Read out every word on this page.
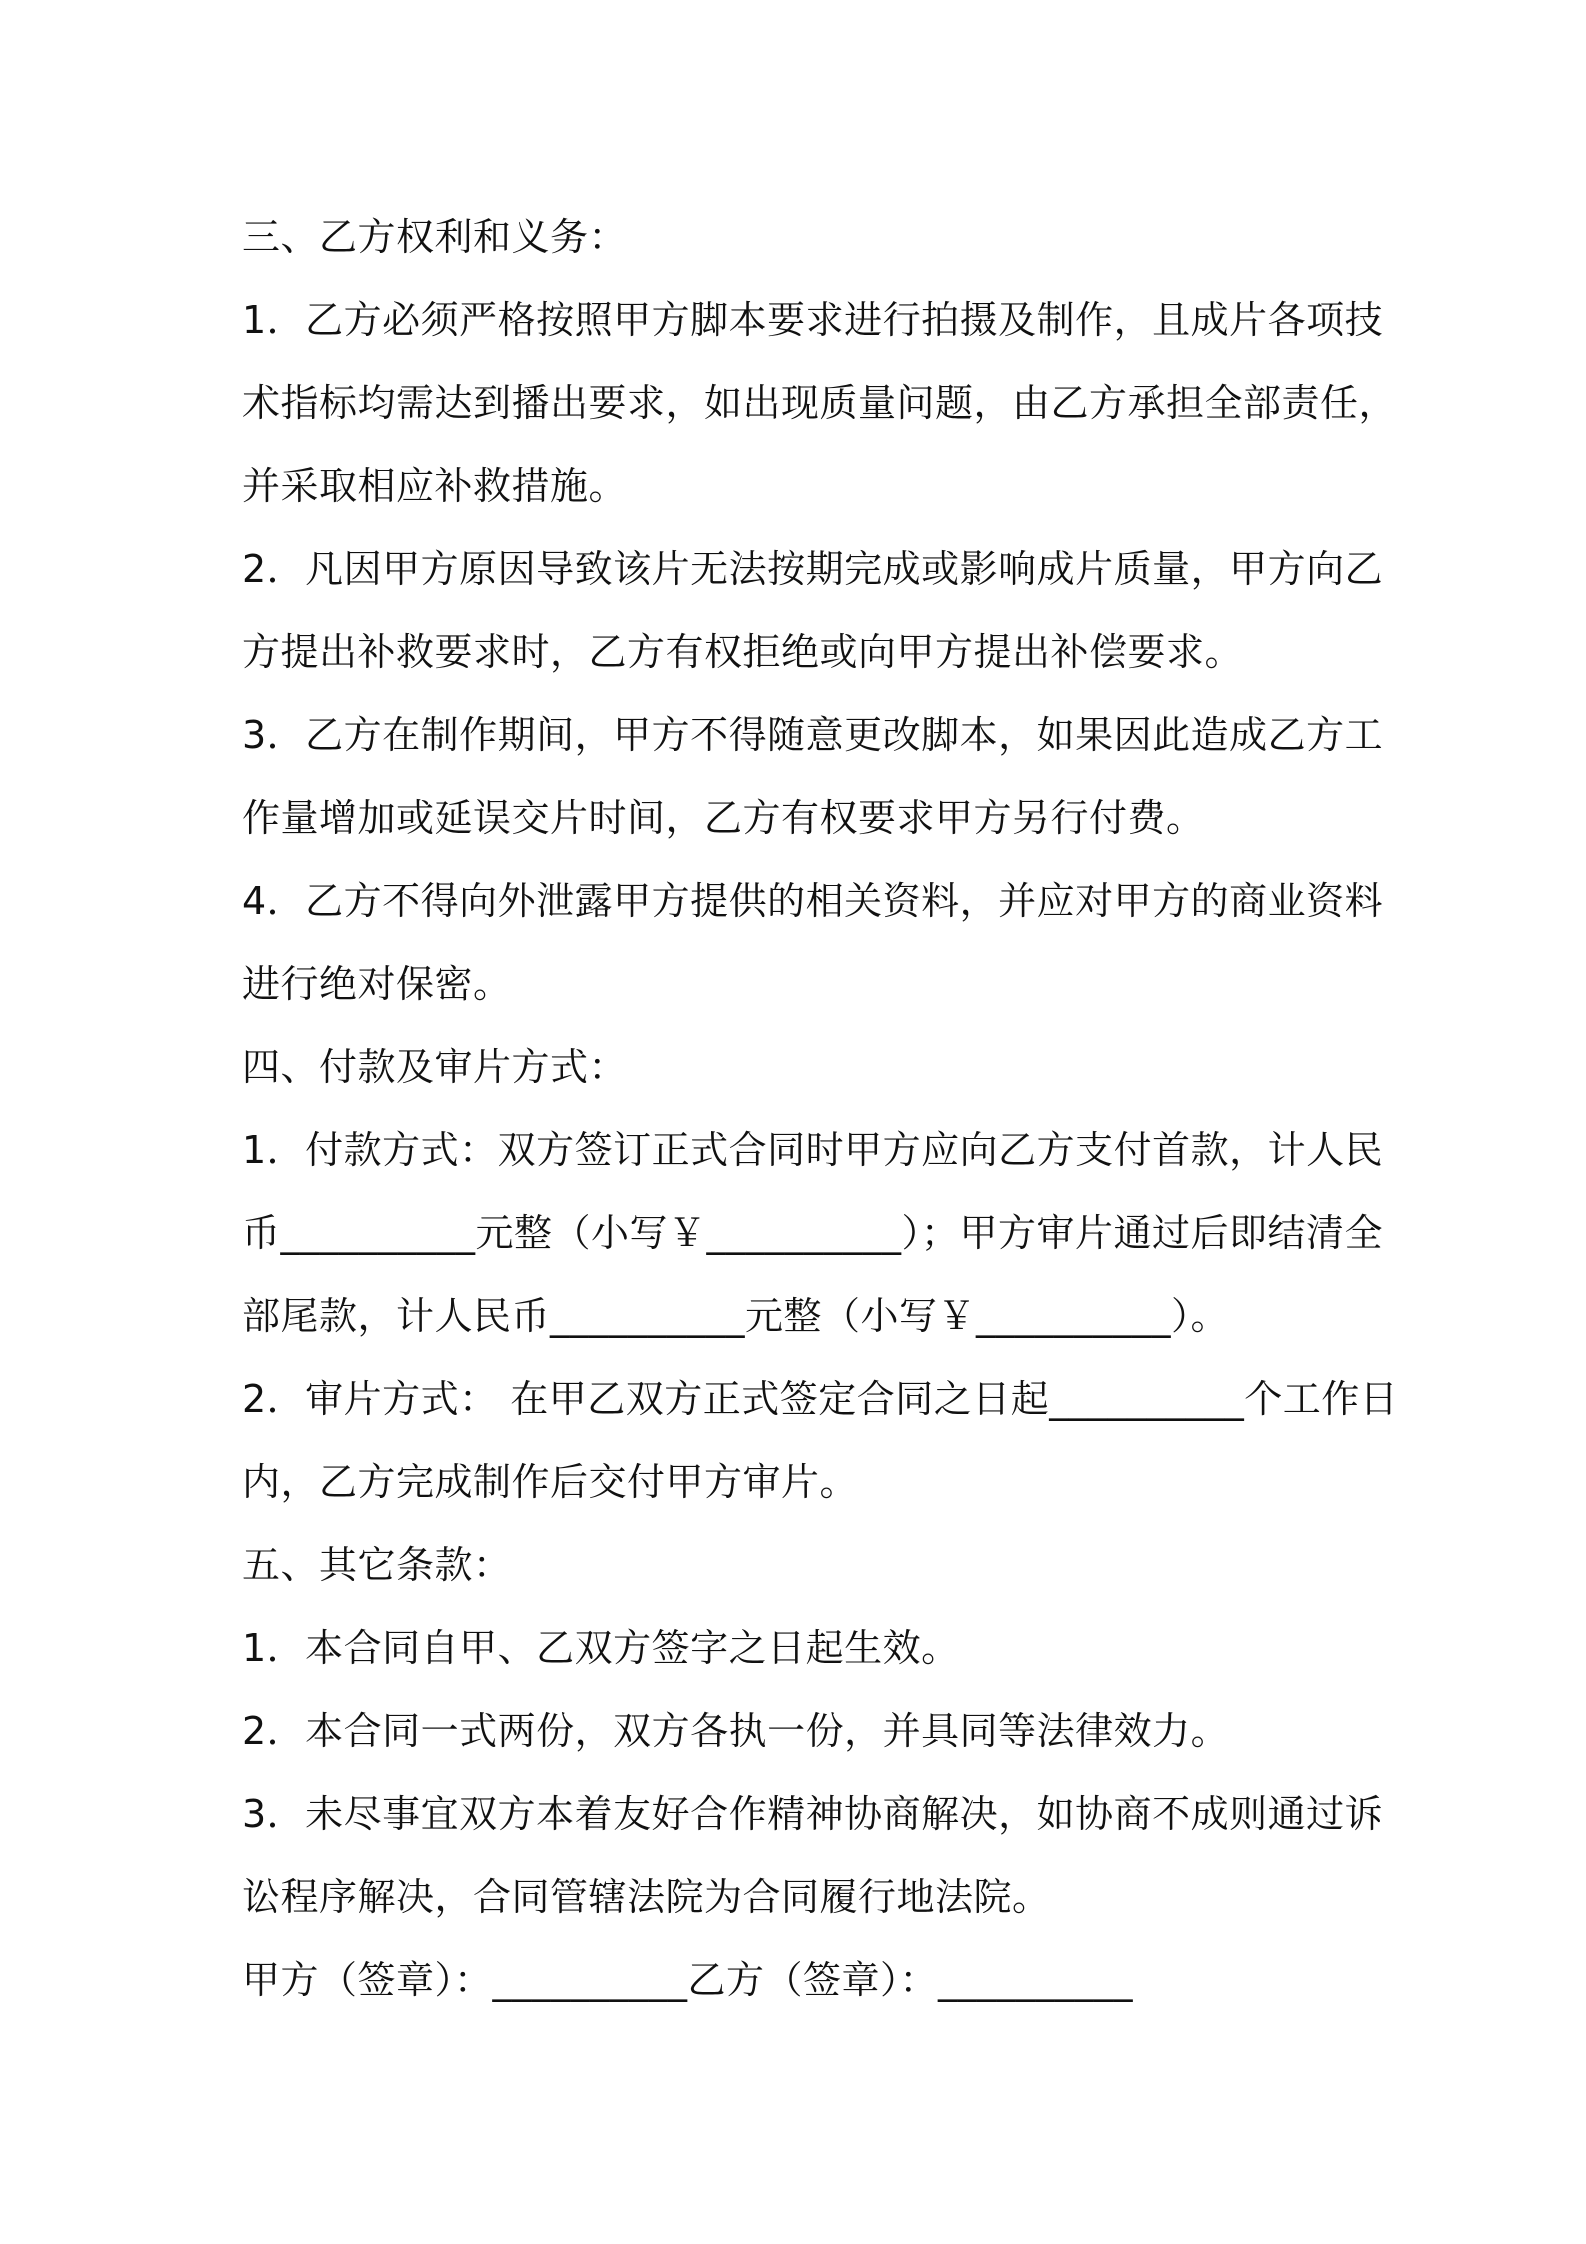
三、乙方权利和义务：
1．乙方必须严格按照甲方脚本要求进行拍摄及制作，且成片各项技
术指标均需达到播出要求，如出现质量问题，由乙方承担全部责任，
并采取相应补救措施。
2．凡因甲方原因导致该片无法按期完成或影响成片质量，甲方向乙
方提出补救要求时，乙方有权拒绝或向甲方提出补偿要求。
3．乙方在制作期间，甲方不得随意更改脚本，如果因此造成乙方工
作量增加或延误交片时间，乙方有权要求甲方另行付费。
4．乙方不得向外泄露甲方提供的相关资料，并应对甲方的商业资料
进行绝对保密。
四、付款及审片方式：
1．付款方式：双方签订正式合同时甲方应向乙方支付首款，计人民
币__________元整（小写￥__________）；甲方审片通过后即结清全
部尾款，计人民币__________元整（小写￥__________）。
2．审片方式： 在甲乙双方正式签定合同之日起__________个工作日
内，乙方完成制作后交付甲方审片。
五、其它条款：
1．本合同自甲、乙双方签字之日起生效。
2．本合同一式两份，双方各执一份，并具同等法律效力。
3．未尽事宜双方本着友好合作精神协商解决，如协商不成则通过诉
讼程序解决，合同管辖法院为合同履行地法院。
甲方（签章）：__________乙方（签章）：__________
